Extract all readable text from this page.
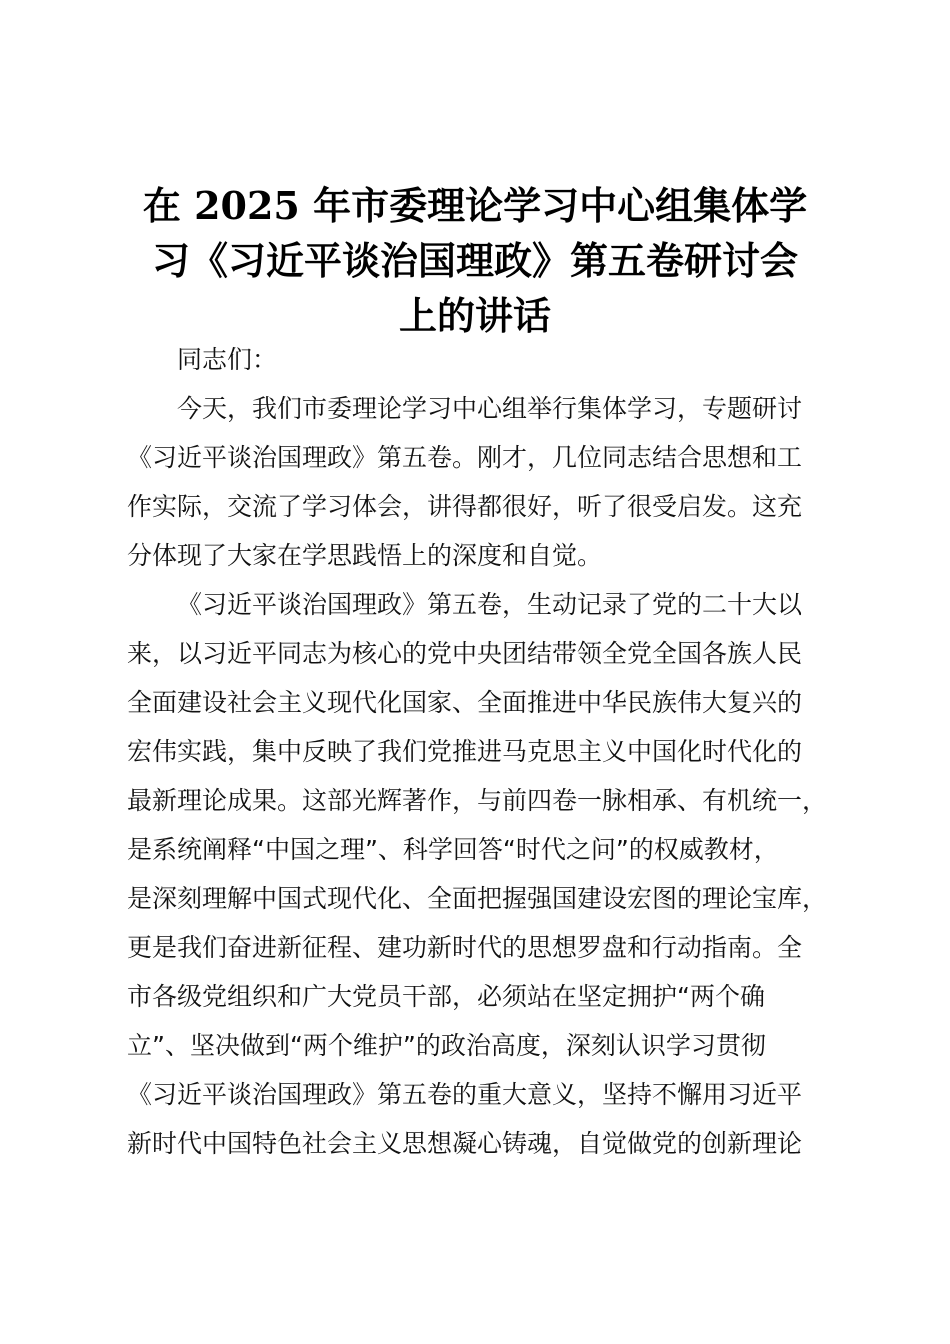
在 2025 年市委理论学习中心组集体学
习《习近平谈治国理政》第五卷研讨会
上的讲话

同志们：

今天，我们市委理论学习中心组举行集体学习，专题研讨
《习近平谈治国理政》第五卷。刚才，几位同志结合思想和工
作实际，交流了学习体会，讲得都很好，听了很受启发。这充
分体现了大家在学思践悟上的深度和自觉。

《习近平谈治国理政》第五卷，生动记录了党的二十大以
来，以习近平同志为核心的党中央团结带领全党全国各族人民
全面建设社会主义现代化国家、全面推进中华民族伟大复兴的
宏伟实践，集中反映了我们党推进马克思主义中国化时代化的
最新理论成果。这部光辉著作，与前四卷一脉相承、有机统一，
是系统阐释“中国之理”、科学回答“时代之问”的权威教材，
是深刻理解中国式现代化、全面把握强国建设宏图的理论宝库，
更是我们奋进新征程、建功新时代的思想罗盘和行动指南。全
市各级党组织和广大党员干部，必须站在坚定拥护“两个确
立”、坚决做到“两个维护”的政治高度，深刻认识学习贯彻
《习近平谈治国理政》第五卷的重大意义，坚持不懈用习近平
新时代中国特色社会主义思想凝心铸魂，自觉做党的创新理论
